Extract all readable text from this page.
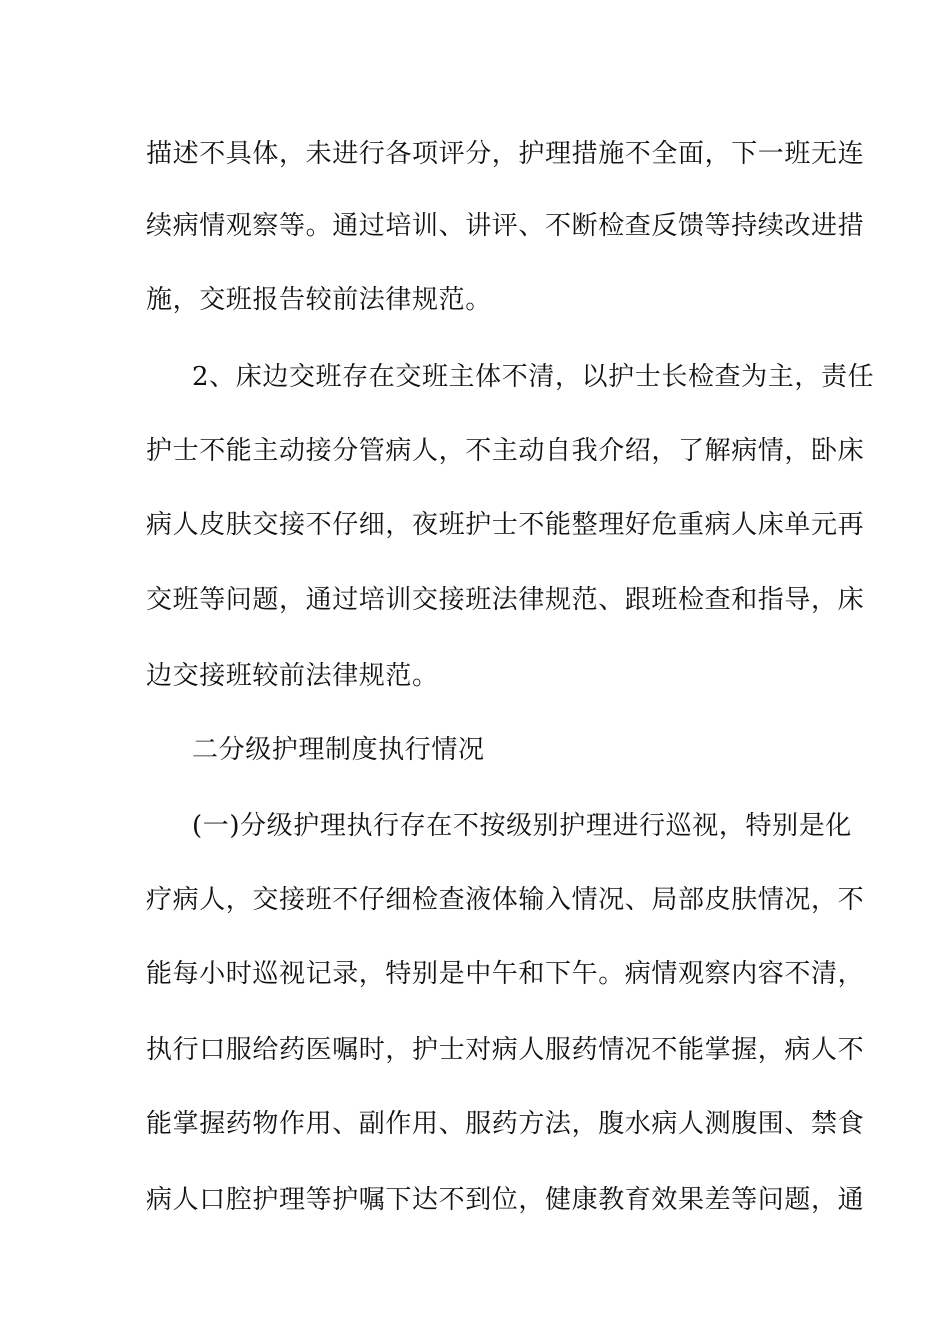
描述不具体，未进行各项评分，护理措施不全面，下一班无连
续病情观察等。通过培训、讲评、不断检查反馈等持续改进措
施，交班报告较前法律规范。
2、床边交班存在交班主体不清，以护士长检查为主，责任
护士不能主动接分管病人，不主动自我介绍，了解病情，卧床
病人皮肤交接不仔细，夜班护士不能整理好危重病人床单元再
交班等问题，通过培训交接班法律规范、跟班检查和指导，床
边交接班较前法律规范。
二分级护理制度执行情况
(一)分级护理执行存在不按级别护理进行巡视，特别是化
疗病人，交接班不仔细检查液体输入情况、局部皮肤情况，不
能每小时巡视记录，特别是中午和下午。病情观察内容不清，
执行口服给药医嘱时，护士对病人服药情况不能掌握，病人不
能掌握药物作用、副作用、服药方法，腹水病人测腹围、禁食
病人口腔护理等护嘱下达不到位，健康教育效果差等问题，通
